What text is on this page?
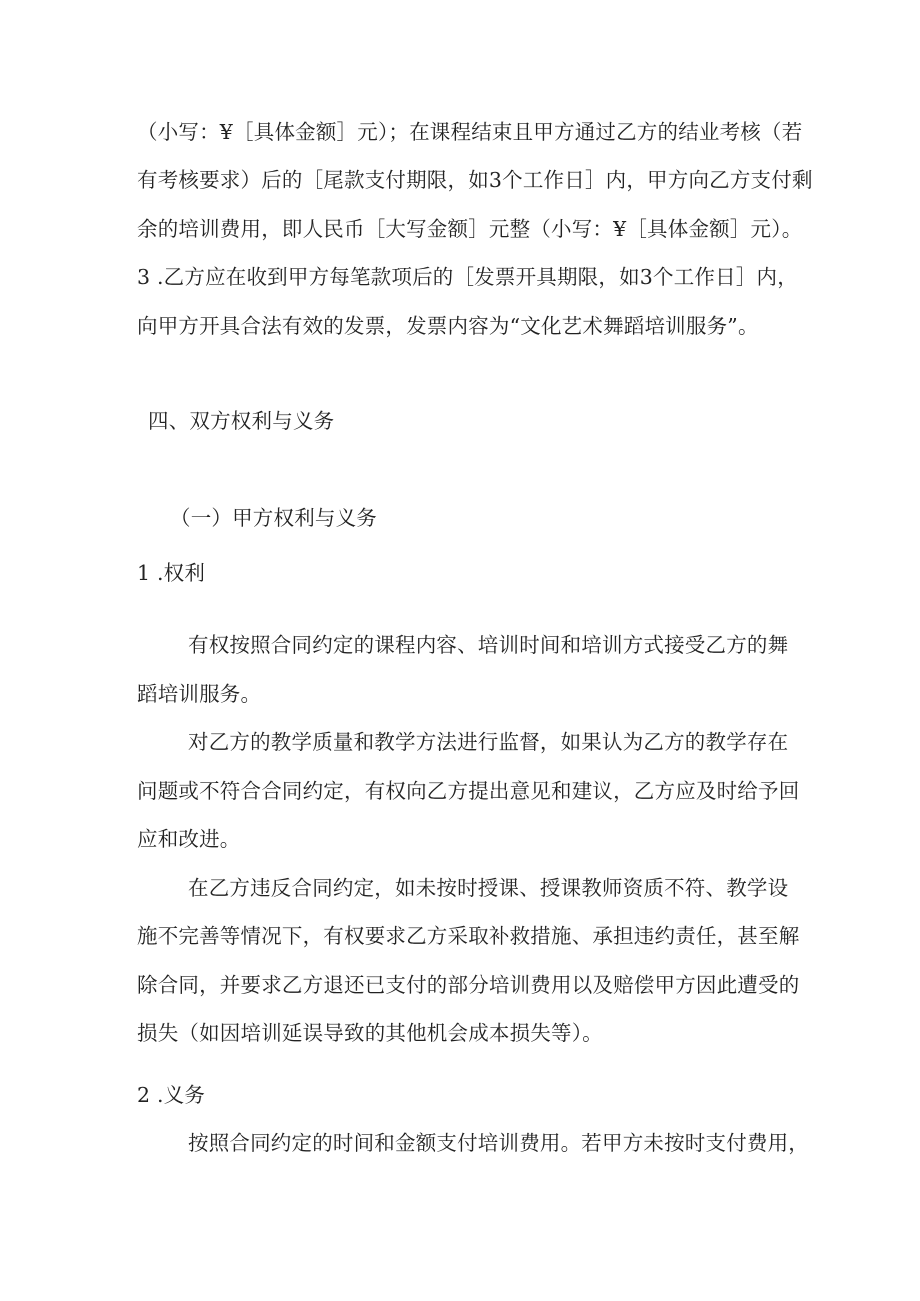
（小写：¥［具体金额］元）；在课程结束且甲方通过乙方的结业考核（若
有考核要求）后的［尾款支付期限，如3个工作日］内，甲方向乙方支付剩
余的培训费用，即人民币［大写金额］元整（小写：¥［具体金额］元）。
3 .乙方应在收到甲方每笔款项后的［发票开具期限，如3个工作日］内，
向甲方开具合法有效的发票，发票内容为“文化艺术舞蹈培训服务”。
四、双方权利与义务
（一）甲方权利与义务
1 .权利
有权按照合同约定的课程内容、培训时间和培训方式接受乙方的舞
蹈培训服务。
对乙方的教学质量和教学方法进行监督，如果认为乙方的教学存在
问题或不符合合同约定，有权向乙方提出意见和建议，乙方应及时给予回
应和改进。
在乙方违反合同约定，如未按时授课、授课教师资质不符、教学设
施不完善等情况下，有权要求乙方采取补救措施、承担违约责任，甚至解
除合同，并要求乙方退还已支付的部分培训费用以及赔偿甲方因此遭受的
损失（如因培训延误导致的其他机会成本损失等）。
2 .义务
按照合同约定的时间和金额支付培训费用。若甲方未按时支付费用，
